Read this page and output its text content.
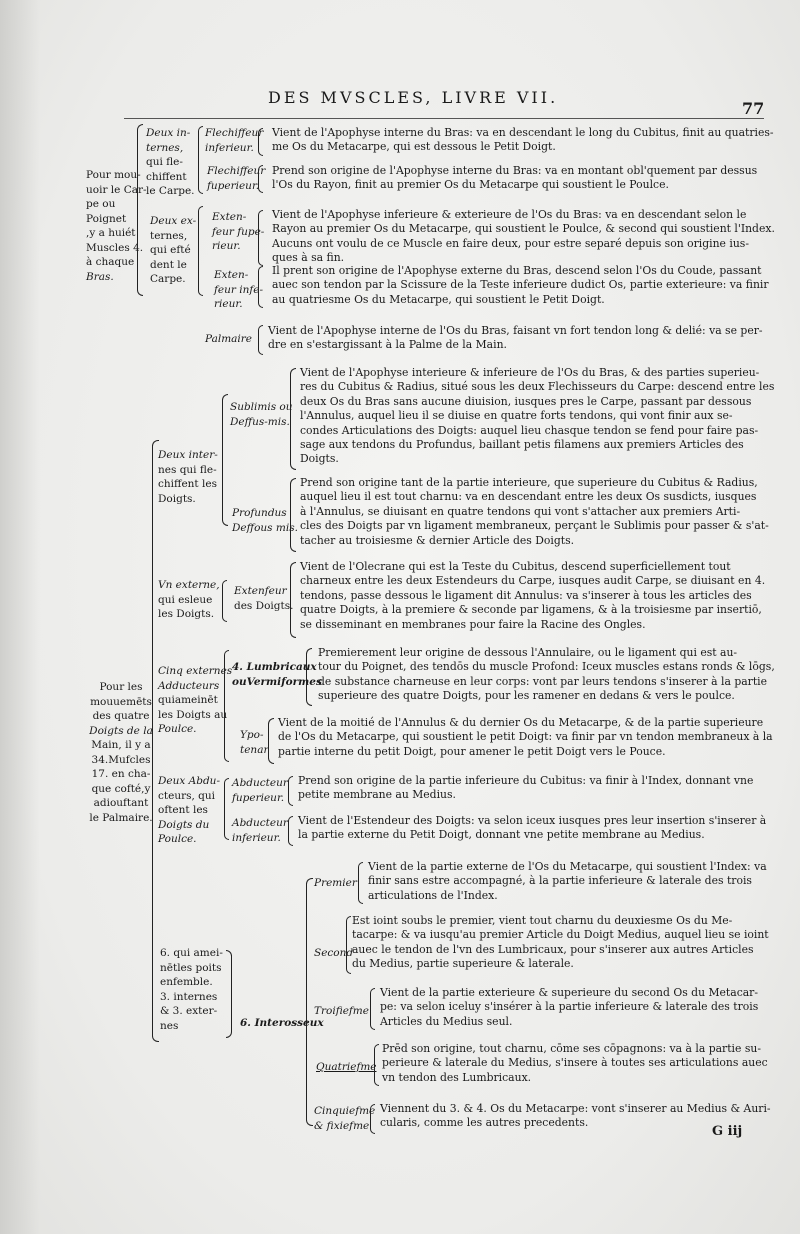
DES MVSCLES, LIVRE VII.
77
Pour mou-
uoir le Car-
pe ou Poignet
,y a huiét
Muscles 4.
à chaque
Bras.
Deux in-
ternes,
qui fle-
chiffent
le Carpe.
Flechiffeur
inferieur.
Vient de l'Apophyse interne du Bras: va en descendant le long du Cubitus, finit au quatries-
me Os du Metacarpe, qui est dessous le Petit Doigt.
Flechiffeur
fuperieur.
Prend son origine de l'Apophyse interne du Bras: va en montant obl'quement par dessus
l'Os du Rayon, finit au premier Os du Metacarpe qui soustient le Poulce.
Deux ex-
ternes,
qui efté
dent le
Carpe.
Exten-
feur fupe-
rieur.
Vient de l'Apophyse inferieure & exterieure de l'Os du Bras: va en descendant selon le
Rayon au premier Os du Metacarpe, qui soustient le Poulce, & second qui soustient l'Index.
Aucuns ont voulu de ce Muscle en faire deux, pour estre separé depuis son origine ius-
ques à sa fin.
Exten-
feur infe-
rieur.
Il prent son origine de l'Apophyse externe du Bras, descend selon l'Os du Coude, passant
auec son tendon par la Scissure de la Teste inferieure dudict Os, partie exterieure: va finir
au quatriesme Os du Metacarpe, qui soustient le Petit Doigt.
Palmaire
Vient de l'Apophyse interne de l'Os du Bras, faisant vn fort tendon long & delié: va se per-
dre en s'estargissant à la Palme de la Main.
Pour les
mouuemēts
des quatre
Doigts de la
Main, il y a
34.Mufcles
17. en cha-
que cofté,y
adiouftant
le Palmaire.
Deux inter-
nes qui fle-
chiffent les
Doigts.
Sublimis ou
Deffus-mis.
Vient de l'Apophyse interieure & inferieure de l'Os du Bras, & des parties superieu-
res du Cubitus & Radius, situé sous les deux Flechisseurs du Carpe: descend entre les
deux Os du Bras sans aucune diuision, iusques pres le Carpe, passant par dessous
l'Annulus, auquel lieu il se diuise en quatre forts tendons, qui vont finir aux se-
condes Articulations des Doigts: auquel lieu chasque tendon se fend pour faire pas-
sage aux tendons du Profundus, baillant petis filamens aux premiers Articles des
Doigts.
Profundus
Deffous mis.
Prend son origine tant de la partie interieure, que superieure du Cubitus & Radius,
auquel lieu il est tout charnu: va en descendant entre les deux Os susdicts, iusques
à l'Annulus, se diuisant en quatre tendons qui vont s'attacher aux premiers Arti-
cles des Doigts par vn ligament membraneux, perçant le Sublimis pour passer & s'at-
tacher au troisiesme & dernier Article des Doigts.
Vn externe,
qui esleue
les Doigts.
Extenfeur
des Doigts.
Vient de l'Olecrane qui est la Teste du Cubitus, descend superficiellement tout
charneux entre les deux Estendeurs du Carpe, iusques audit Carpe, se diuisant en 4.
tendons, passe dessous le ligament dit Annulus: va s'inserer à tous les articles des
quatre Doigts, à la premiere & seconde par ligamens, & à la troisiesme par insertiō,
se disseminant en membranes pour faire la Racine des Ongles.
Cinq externes
Adducteurs
quiameinēt
les Doigts au
Poulce.
4. Lumbricaux
ouVermiformes
Premierement leur origine de dessous l'Annulaire, ou le ligament qui est au-
tour du Poignet, des tendōs du muscle Profond: Iceux muscles estans ronds & lōgs,
de substance charneuse en leur corps: vont par leurs tendons s'inserer à la partie
superieure des quatre Doigts, pour les ramener en dedans & vers le poulce.
Ypo-
tenar
Vient de la moitié de l'Annulus & du dernier Os du Metacarpe, & de la partie superieure
de l'Os du Metacarpe, qui soustient le petit Doigt: va finir par vn tendon membraneux à la
partie interne du petit Doigt, pour amener le petit Doigt vers le Pouce.
Deux Abdu-
cteurs, qui
oftent les
Doigts du
Poulce.
Abducteur
fuperieur.
Prend son origine de la partie inferieure du Cubitus: va finir à l'Index, donnant vne
petite membrane au Medius.
Abducteur
inferieur.
Vient de l'Estendeur des Doigts: va selon iceux iusques pres leur insertion s'inserer à
la partie externe du Petit Doigt, donnant vne petite membrane au Medius.
6. qui amei-
nētles poits
enfemble.
3. internes
& 3. exter-
nes	6. Interosseux
Premier
Vient de la partie externe de l'Os du Metacarpe, qui soustient l'Index: va
finir sans estre accompagné, à la partie inferieure & laterale des trois
articulations de l'Index.
Second
Est ioint soubs le premier, vient tout charnu du deuxiesme Os du Me-
tacarpe: & va iusqu'au premier Article du Doigt Medius, auquel lieu se ioint
auec le tendon de l'vn des Lumbricaux, pour s'inserer aux autres Articles
du Medius, partie superieure & laterale.
Troifiefme
Vient de la partie exterieure & superieure du second Os du Metacar-
pe: va selon iceluy s'insérer à la partie inferieure & laterale des trois
Articles du Medius seul.
Quatriefme
Prēd son origine, tout charnu, cōme ses cōpagnons: va à la partie su-
perieure & laterale du Medius, s'insere à toutes ses articulations auec
vn tendon des Lumbricaux.
Cinquiefme
& fixiefme
Viennent du 3. & 4. Os du Metacarpe: vont s'inserer au Medius & Auri-
cularis, comme les autres precedents.
G iij
